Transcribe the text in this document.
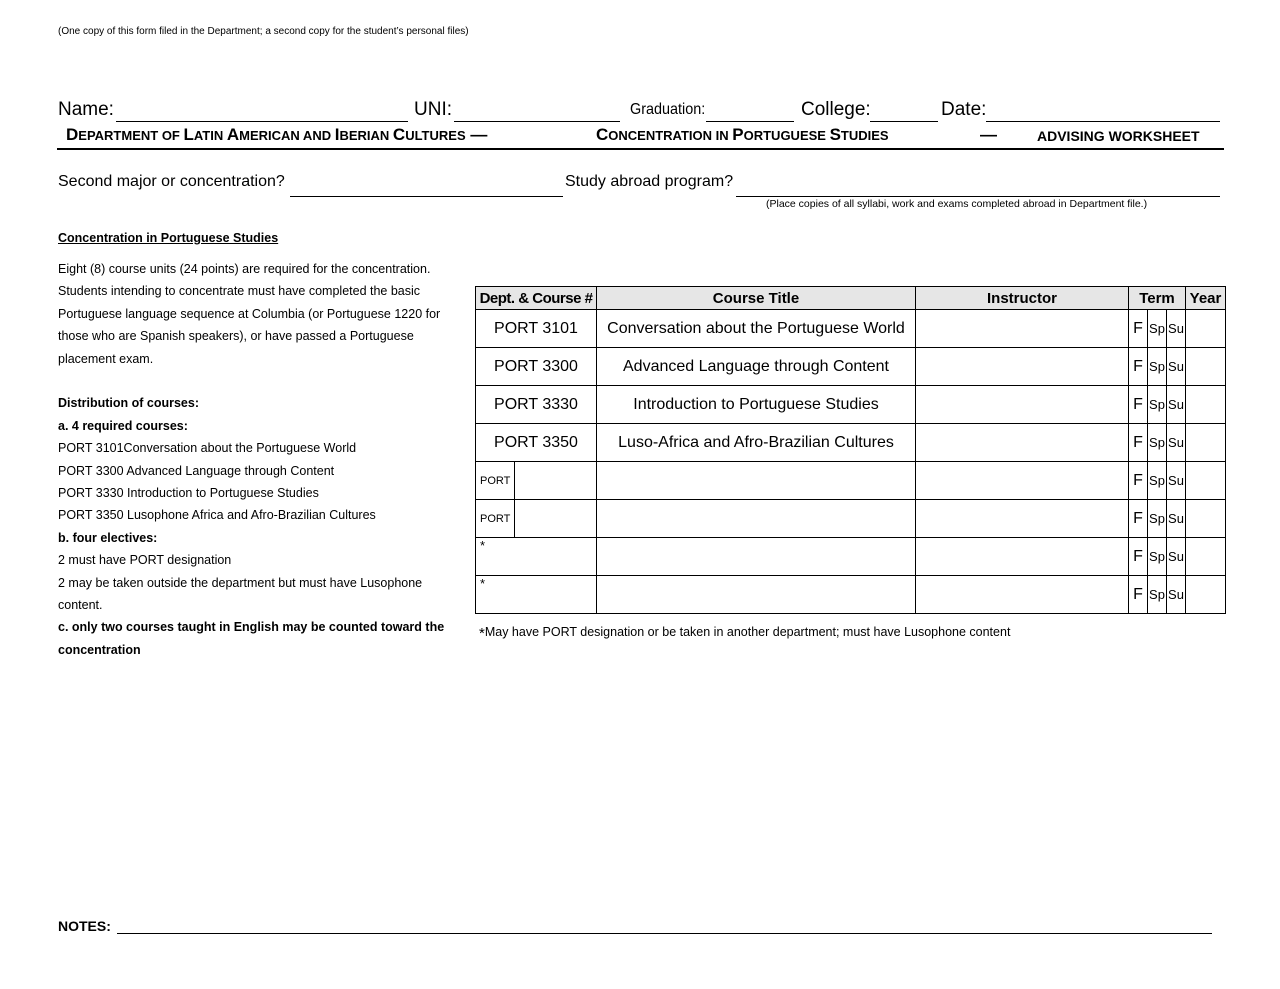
(One copy of this form filed in the Department; a second copy for the student’s personal files)
Name:	UNI:	Graduation:	College:	Date:
DEPARTMENT OF LATIN AMERICAN AND IBERIAN CULTURES —	CONCENTRATION IN PORTUGUESE STUDIES	—	ADVISING WORKSHEET
Second major or concentration?	Study abroad program?
(Place copies of all syllabi, work and exams completed abroad in Department file.)
Concentration in Portuguese Studies

Eight (8) course units (24 points) are required for the concentration. Students intending to concentrate must have completed the basic Portuguese language sequence at Columbia (or Portuguese 1220 for those who are Spanish speakers), or have passed a Portuguese placement exam.

Distribution of courses:

a. 4 required courses:

PORT 3101Conversation about the Portuguese World

PORT 3300 Advanced Language through Content

PORT 3330 Introduction to Portuguese Studies

PORT 3350 Lusophone Africa and Afro-Brazilian Cultures

b. four electives:

2 must have PORT designation

2 may be taken outside the department but must have Lusophone content.

c. only two courses taught in English may be counted toward the concentration

Dept. & Course #	Course Title	Instructor	Term			Year
PORT 3101	Conversation about the Portuguese World		F	Sp	Su	
PORT 3300	Advanced Language through Content		F	Sp	Su	
PORT 3330	Introduction to Portuguese Studies		F	Sp	Su	
PORT 3350	Luso-Africa and Afro-Brazilian Cultures		F	Sp	Su	

PORT			F	Sp	Su	

PORT			F	Sp	Su	
*			F	Sp	Su	
*			F	Sp	Su	
*May have PORT designation or be taken in another department; must have Lusophone content
NOTES:
